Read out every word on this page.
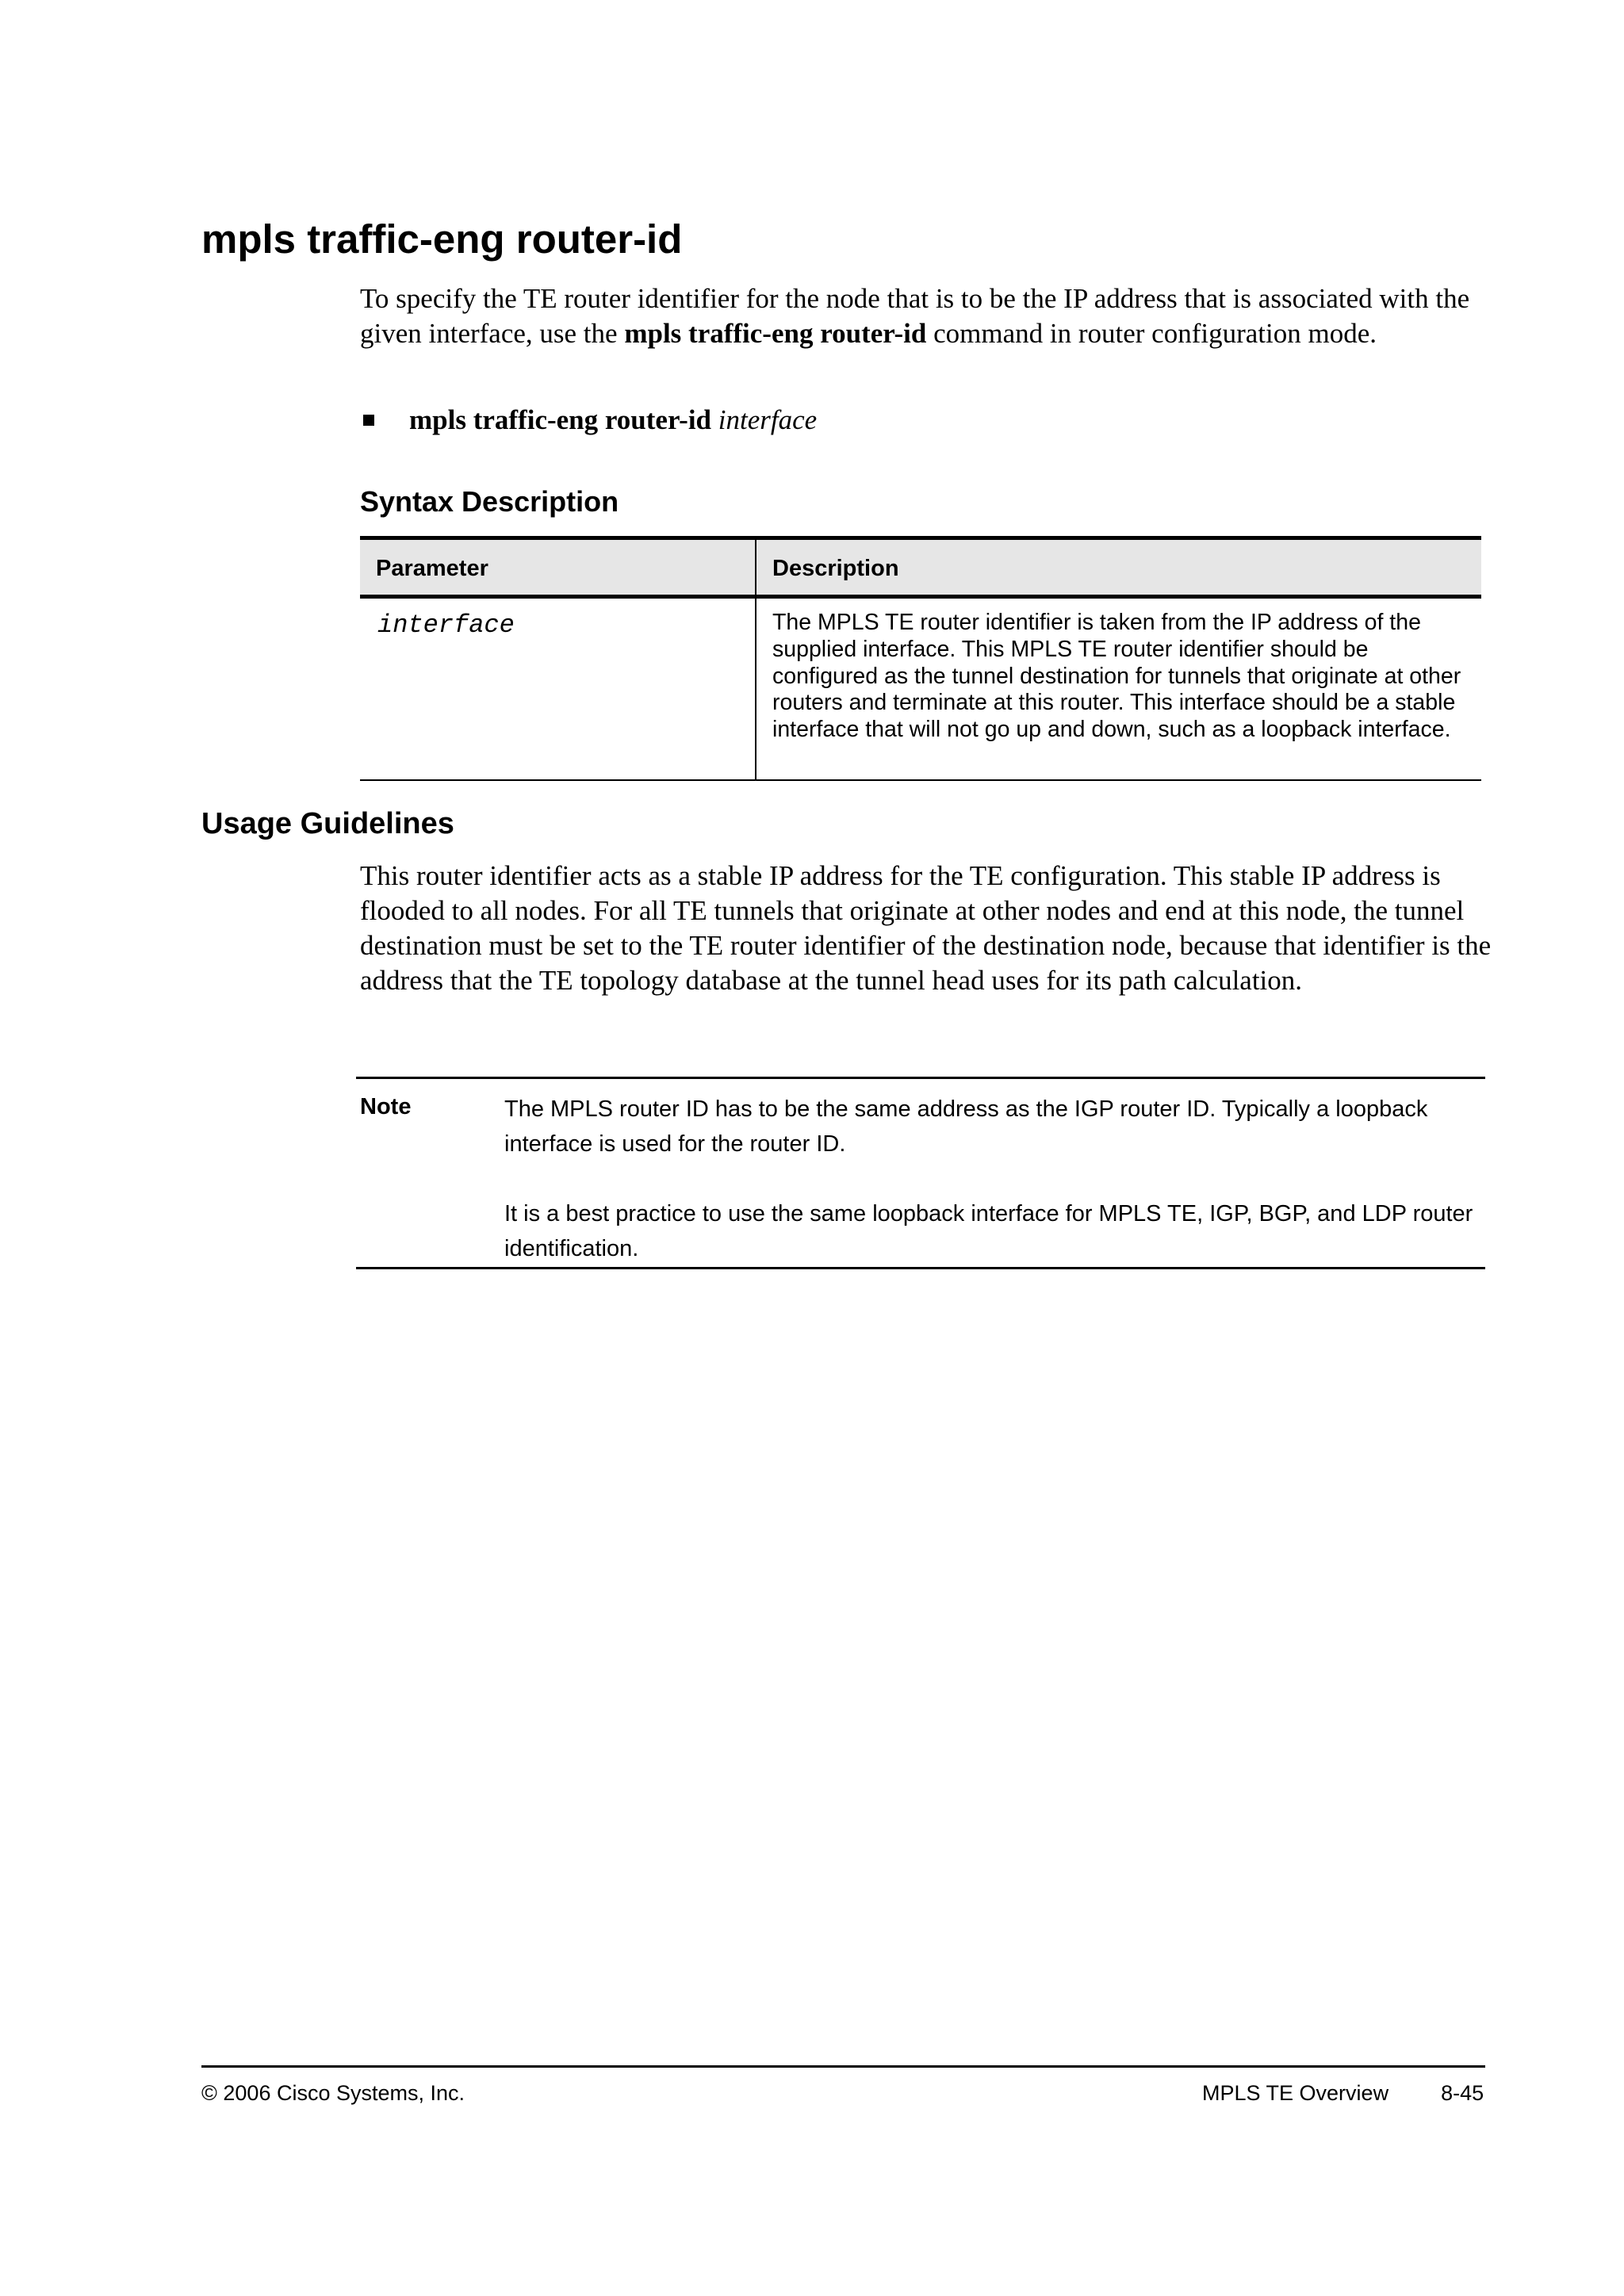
mpls traffic-eng router-id
To specify the TE router identifier for the node that is to be the IP address that is associated with the given interface, use the mpls traffic-eng router-id command in router configuration mode.
mpls traffic-eng router-id interface
Syntax Description
Parameter	Description
interface	The MPLS TE router identifier is taken from the IP address of the supplied interface. This MPLS TE router identifier should be configured as the tunnel destination for tunnels that originate at other routers and terminate at this router. This interface should be a stable interface that will not go up and down, such as a loopback interface.
Usage Guidelines
This router identifier acts as a stable IP address for the TE configuration. This stable IP address is flooded to all nodes. For all TE tunnels that originate at other nodes and end at this node, the tunnel destination must be set to the TE router identifier of the destination node, because that identifier is the address that the TE topology database at the tunnel head uses for its path calculation.
Note	The MPLS router ID has to be the same address as the IGP router ID. Typically a loopback interface is used for the router ID.
It is a best practice to use the same loopback interface for MPLS TE, IGP, BGP, and LDP router identification.
© 2006 Cisco Systems, Inc.	MPLS TE Overview 8-45
